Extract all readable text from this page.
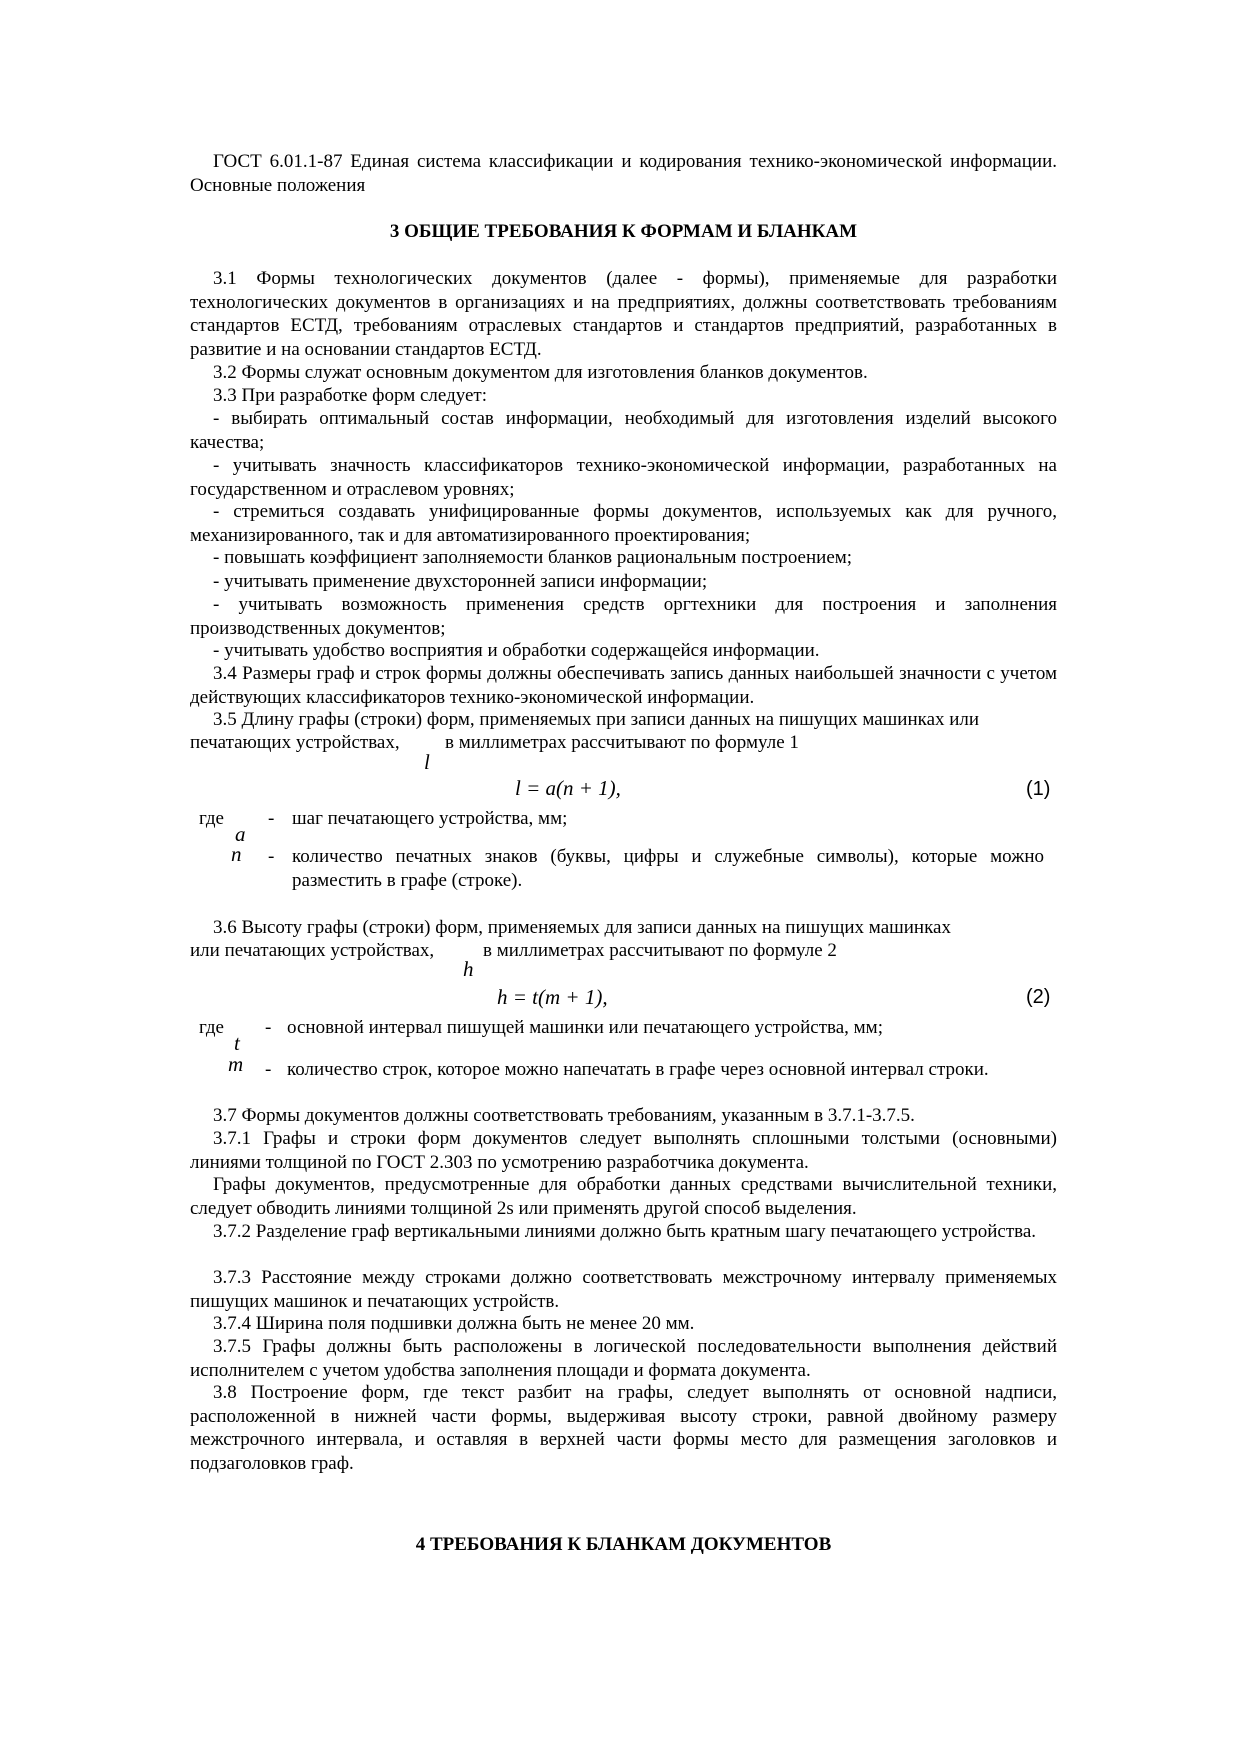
ГОСТ 6.01.1-87 Единая система классификации и кодирования технико-экономической информации. Основные положения

3 ОБЩИЕ ТРЕБОВАНИЯ К ФОРМАМ И БЛАНКАМ

3.1 Формы технологических документов (далее - формы), применяемые для разработки технологических документов в организациях и на предприятиях, должны соответствовать требованиям стандартов ЕСТД, требованиям отраслевых стандартов и стандартов предприятий, разработанных в развитие и на основании стандартов ЕСТД.

3.2 Формы служат основным документом для изготовления бланков документов.

3.3 При разработке форм следует:

- выбирать оптимальный состав информации, необходимый для изготовления изделий высокого качества;

- учитывать значность классификаторов технико-экономической информации, разработанных на государственном и отраслевом уровнях;

- стремиться создавать унифицированные формы документов, используемых как для ручного, механизированного, так и для автоматизированного проектирования;

- повышать коэффициент заполняемости бланков рациональным построением;

- учитывать применение двухсторонней записи информации;

- учитывать возможность применения средств оргтехники для построения и заполнения производственных документов;

- учитывать удобство восприятия и обработки содержащейся информации.

3.4 Размеры граф и строк формы должны обеспечивать запись данных наибольшей значности с учетом действующих классификаторов технико-экономической информации.

3.5 Длину графы (строки) форм, применяемых при записи данных на пишущих машинках или

печатающих устройствах, в миллиметрах рассчитывают по формуле 1
l
l = a(n + 1),	(1)
где
a
- шаг печатающего устройства, мм;
n - количество печатных знаков (буквы, цифры и служебные символы), которые можно разместить в графе (строке).

3.6 Высоту графы (строки) форм, применяемых для записи данных на пишущих машинках

или печатающих устройствах,	в миллиметрах рассчитывают по формуле 2
h
h = t(m + 1),	(2)
где
t
- основной интервал пишущей машинки или печатающего устройства, мм;
m - количество строк, которое можно напечатать в графе через основной интервал строки.

3.7 Формы документов должны соответствовать требованиям, указанным в 3.7.1-3.7.5.

3.7.1 Графы и строки форм документов следует выполнять сплошными толстыми (основными) линиями толщиной по ГОСТ 2.303 по усмотрению разработчика документа.

Графы документов, предусмотренные для обработки данных средствами вычислительной техники, следует обводить линиями толщиной 2s или применять другой способ выделения.

3.7.2 Разделение граф вертикальными линиями должно быть кратным шагу печатающего устройства.

3.7.3 Расстояние между строками должно соответствовать межстрочному интервалу применяемых пишущих машинок и печатающих устройств.

3.7.4 Ширина поля подшивки должна быть не менее 20 мм.

3.7.5 Графы должны быть расположены в логической последовательности выполнения действий исполнителем с учетом удобства заполнения площади и формата документа.

3.8 Построение форм, где текст разбит на графы, следует выполнять от основной надписи, расположенной в нижней части формы, выдерживая высоту строки, равной двойному размеру межстрочного интервала, и оставляя в верхней части формы место для размещения заголовков и подзаголовков граф.

4 ТРЕБОВАНИЯ К БЛАНКАМ ДОКУМЕНТОВ
